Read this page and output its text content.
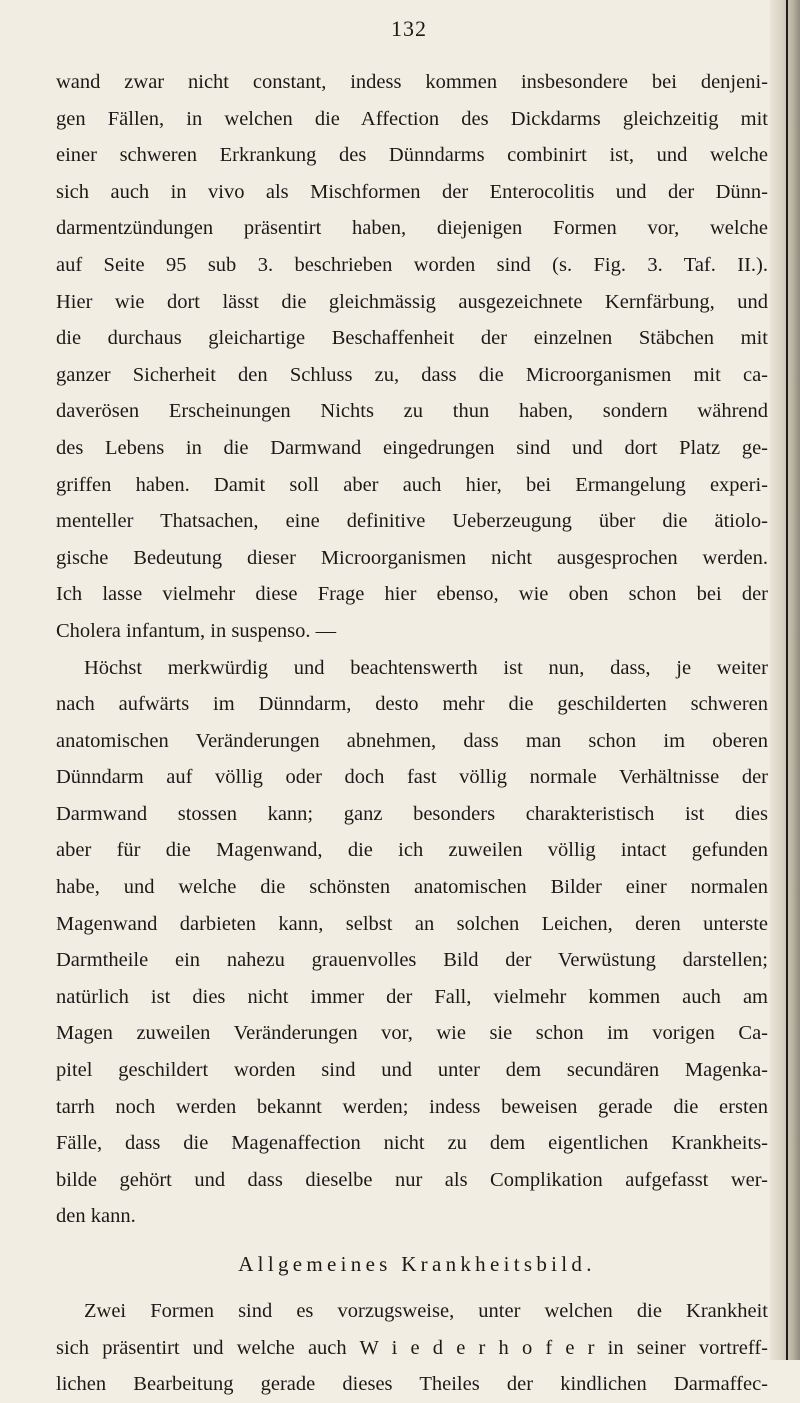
132
wand zwar nicht constant, indess kommen insbesondere bei denjeni-
gen Fällen, in welchen die Affection des Dickdarms gleichzeitig mit
einer schweren Erkrankung des Dünndarms combinirt ist, und welche
sich auch in vivo als Mischformen der Enterocolitis und der Dünn-
darmentzündungen präsentirt haben, diejenigen Formen vor, welche
auf Seite 95 sub 3. beschrieben worden sind (s. Fig. 3. Taf. II.).
Hier wie dort lässt die gleichmässig ausgezeichnete Kernfärbung, und
die durchaus gleichartige Beschaffenheit der einzelnen Stäbchen mit
ganzer Sicherheit den Schluss zu, dass die Microorganismen mit ca-
daverösen Erscheinungen Nichts zu thun haben, sondern während
des Lebens in die Darmwand eingedrungen sind und dort Platz ge-
griffen haben. Damit soll aber auch hier, bei Ermangelung experi-
menteller Thatsachen, eine definitive Ueberzeugung über die ätiolo-
gische Bedeutung dieser Microorganismen nicht ausgesprochen werden.
Ich lasse vielmehr diese Frage hier ebenso, wie oben schon bei der
Cholera infantum, in suspenso. —
Höchst merkwürdig und beachtenswerth ist nun, dass, je weiter
nach aufwärts im Dünndarm, desto mehr die geschilderten schweren
anatomischen Veränderungen abnehmen, dass man schon im oberen
Dünndarm auf völlig oder doch fast völlig normale Verhältnisse der
Darmwand stossen kann; ganz besonders charakteristisch ist dies
aber für die Magenwand, die ich zuweilen völlig intact gefunden
habe, und welche die schönsten anatomischen Bilder einer normalen
Magenwand darbieten kann, selbst an solchen Leichen, deren unterste
Darmtheile ein nahezu grauenvolles Bild der Verwüstung darstellen;
natürlich ist dies nicht immer der Fall, vielmehr kommen auch am
Magen zuweilen Veränderungen vor, wie sie schon im vorigen Ca-
pitel geschildert worden sind und unter dem secundären Magenka-
tarrh noch werden bekannt werden; indess beweisen gerade die ersten
Fälle, dass die Magenaffection nicht zu dem eigentlichen Krankheits-
bilde gehört und dass dieselbe nur als Complikation aufgefasst wer-
den kann.
Allgemeines Krankheitsbild.
Zwei Formen sind es vorzugsweise, unter welchen die Krankheit
sich präsentirt und welche auch W i e d e r h o f e r in seiner vortreff-
lichen Bearbeitung gerade dieses Theiles der kindlichen Darmaffec-
